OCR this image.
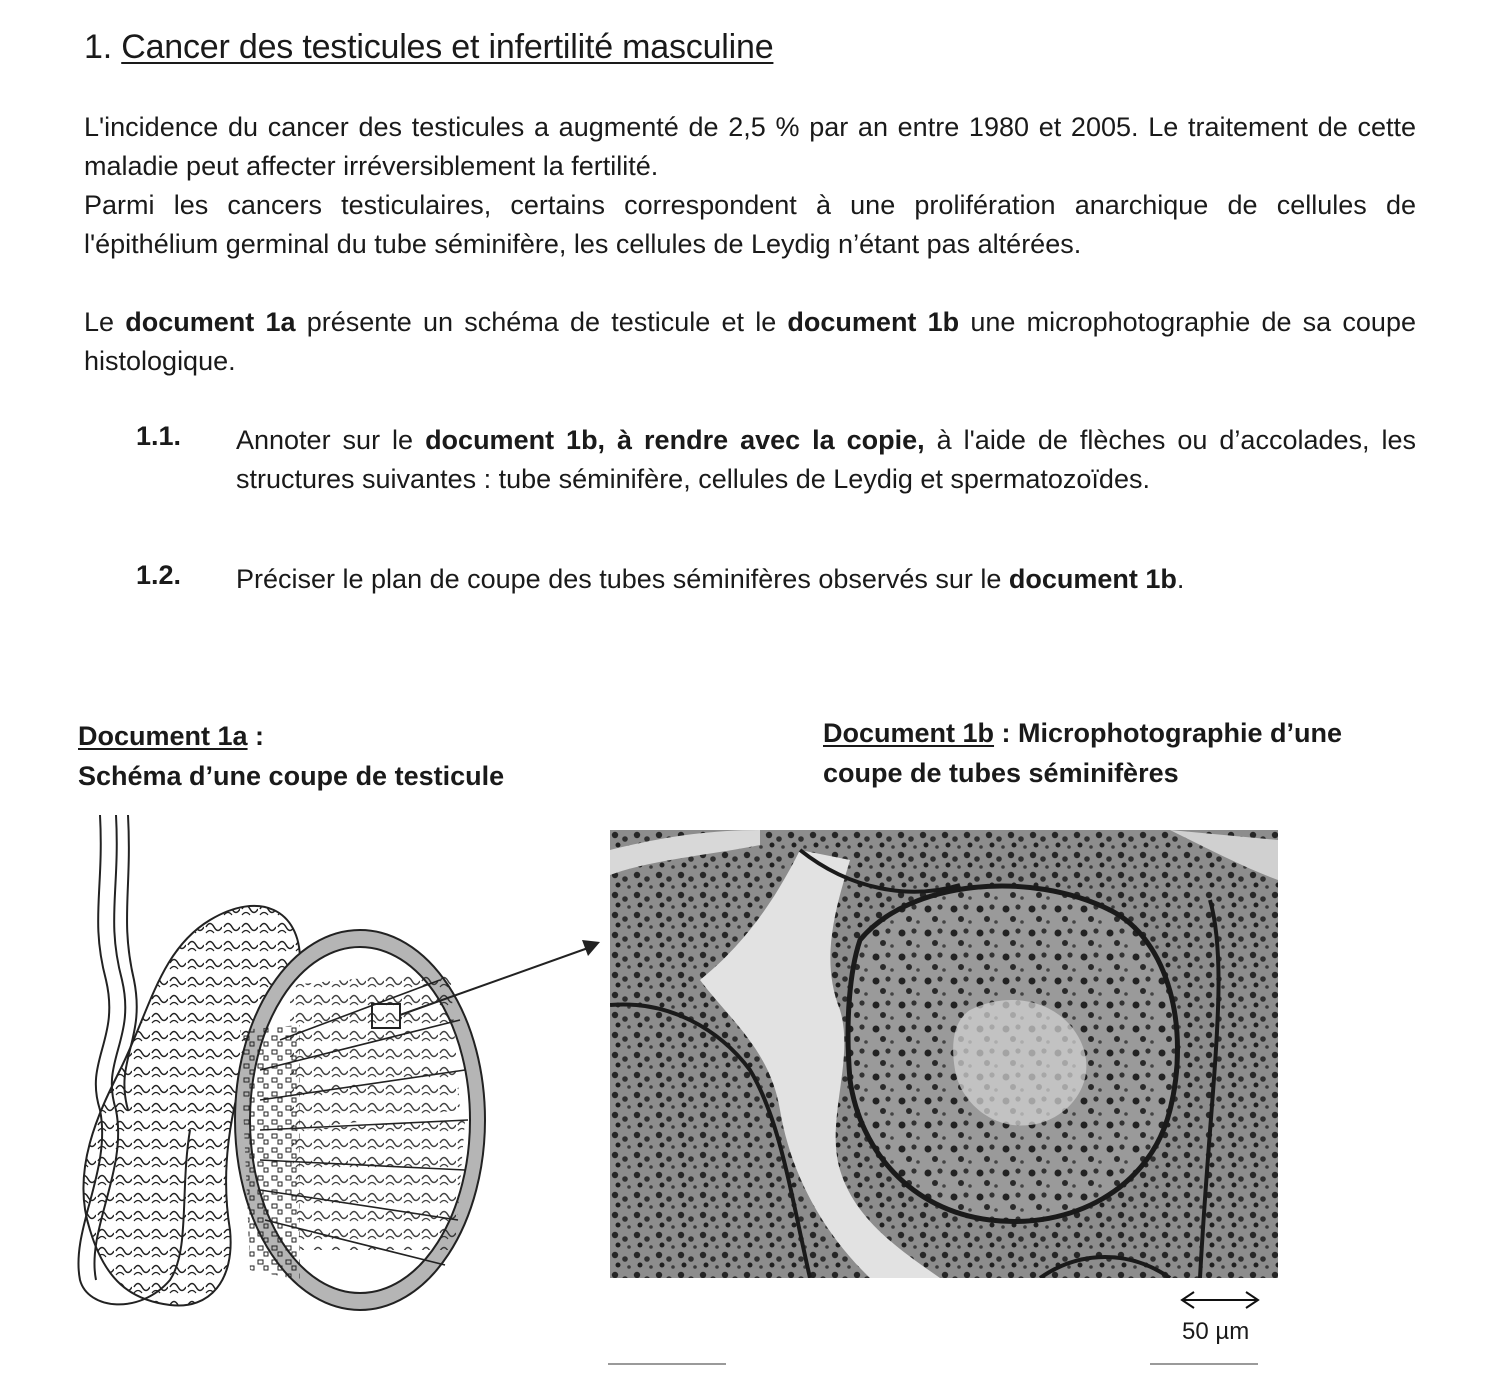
1. Cancer des testicules et infertilité masculine
L'incidence du cancer des testicules a augmenté de 2,5 % par an entre 1980 et 2005. Le traitement de cette maladie peut affecter irréversiblement la fertilité.
Parmi les cancers testiculaires, certains correspondent à une prolifération anarchique de cellules de l'épithélium germinal du tube séminifère, les cellules de Leydig n’étant pas altérées.
Le document 1a présente un schéma de testicule et le document 1b une microphotographie de sa coupe histologique.
1.1. Annoter sur le document 1b, à rendre avec la copie, à l'aide de flèches ou d’accolades, les structures suivantes : tube séminifère, cellules de Leydig et spermatozoïdes.
1.2. Préciser le plan de coupe des tubes séminifères observés sur le document 1b.
Document 1a :
Schéma d’une coupe de testicule
Document 1b : Microphotographie d’une
coupe de tubes séminifères
50 µm
